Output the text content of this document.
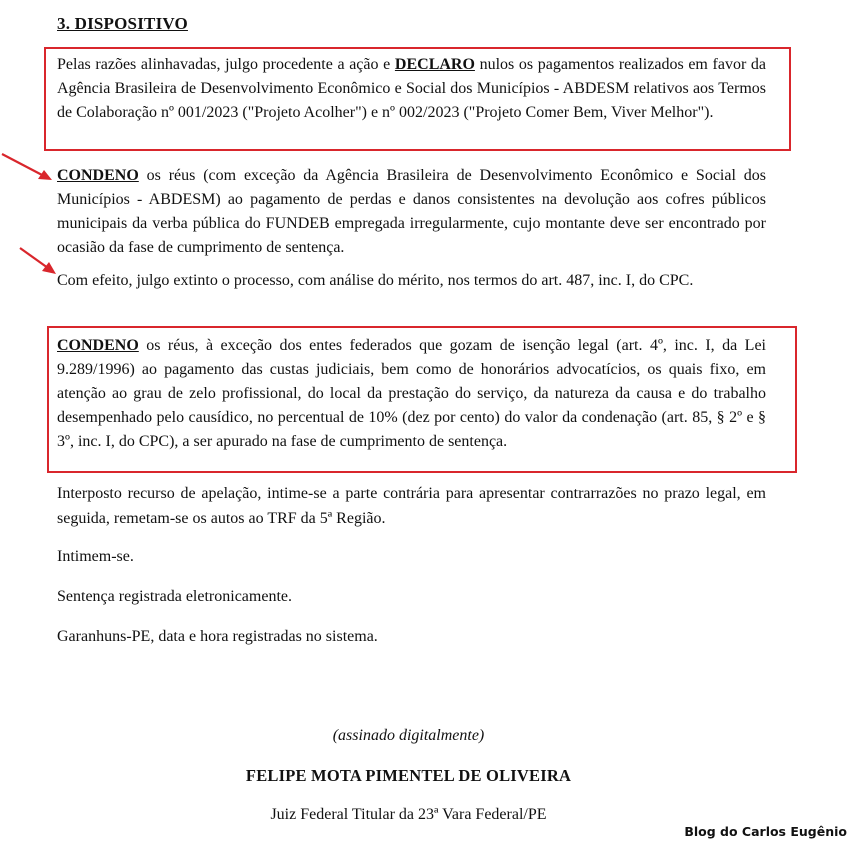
3. DISPOSITIVO

Pelas razões alinhavadas, julgo procedente a ação e DECLARO nulos os pagamentos realizados em favor da Agência Brasileira de Desenvolvimento Econômico e Social dos Municípios - ABDESM relativos aos Termos de Colaboração nº 001/2023 ("Projeto Acolher") e nº 002/2023 ("Projeto Comer Bem, Viver Melhor").

CONDENO os réus (com exceção da Agência Brasileira de Desenvolvimento Econômico e Social dos Municípios - ABDESM) ao pagamento de perdas e danos consistentes na devolução aos cofres públicos municipais da verba pública do FUNDEB empregada irregularmente, cujo montante deve ser encontrado por ocasião da fase de cumprimento de sentença.

Com efeito, julgo extinto o processo, com análise do mérito, nos termos do art. 487, inc. I, do CPC.

CONDENO os réus, à exceção dos entes federados que gozam de isenção legal (art. 4º, inc. I, da Lei 9.289/1996) ao pagamento das custas judiciais, bem como de honorários advocatícios, os quais fixo, em atenção ao grau de zelo profissional, do local da prestação do serviço, da natureza da causa e do trabalho desempenhado pelo causídico, no percentual de 10% (dez por cento) do valor da condenação (art. 85, § 2º e § 3º, inc. I, do CPC), a ser apurado na fase de cumprimento de sentença.

Interposto recurso de apelação, intime-se a parte contrária para apresentar contrarrazões no prazo legal, em seguida, remetam-se os autos ao TRF da 5ª Região.

Intimem-se.

Sentença registrada eletronicamente.

Garanhuns-PE, data e hora registradas no sistema.

(assinado digitalmente)

FELIPE MOTA PIMENTEL DE OLIVEIRA

Juiz Federal Titular da 23ª Vara Federal/PE

Blog do Carlos Eugênio
